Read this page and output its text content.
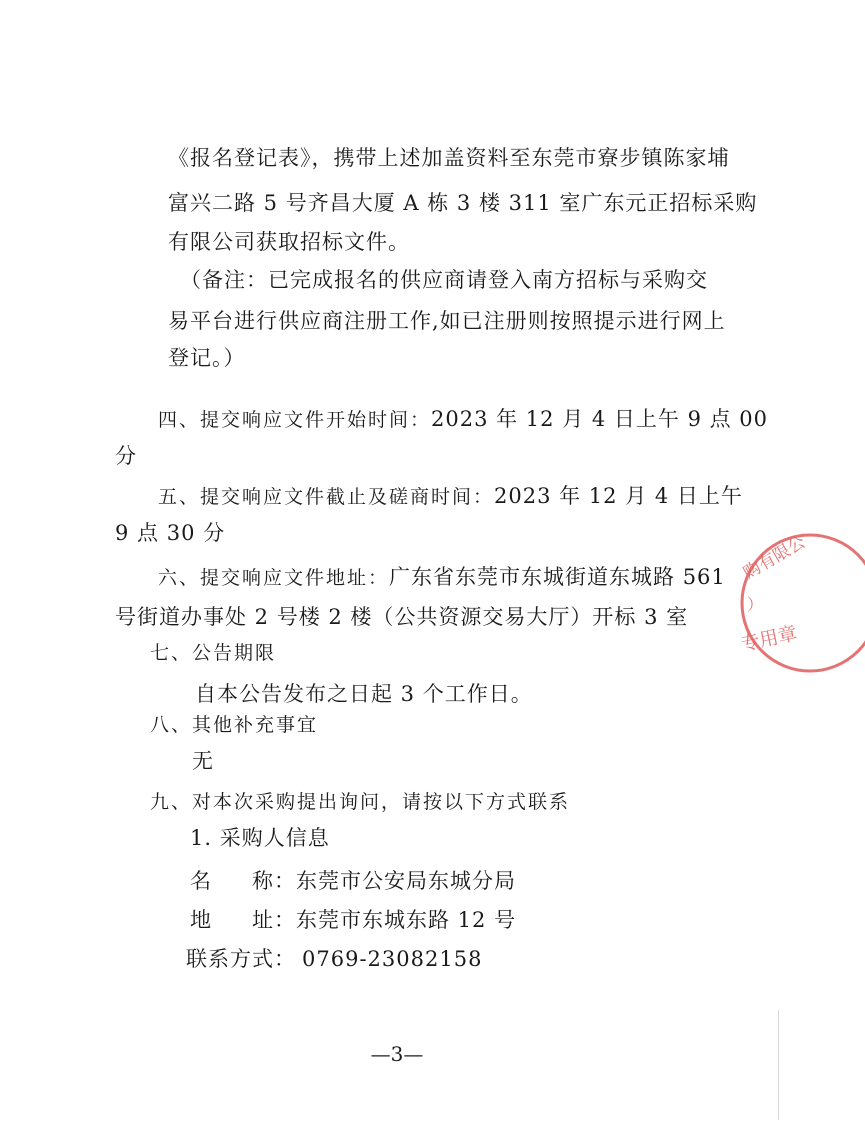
《报名登记表》，携带上述加盖资料至东莞市寮步镇陈家埔
富兴二路 5 号齐昌大厦 A 栋 3 楼 311 室广东元正招标采购
有限公司获取招标文件。
（备注：已完成报名的供应商请登入南方招标与采购交
易平台进行供应商注册工作,如已注册则按照提示进行网上
登记。）
四、提交响应文件开始时间：2023 年 12 月 4 日上午 9 点 00
分
五、提交响应文件截止及磋商时间：2023 年 12 月 4 日上午
9 点 30 分
六、提交响应文件地址：广东省东莞市东城街道东城路 561
号街道办事处 2 号楼 2 楼（公共资源交易大厅）开标 3 室
七、公告期限
自本公告发布之日起 3 个工作日。
八、其他补充事宜
无
九、对本次采购提出询问，请按以下方式联系
1. 采购人信息
名 称： 东莞市公安局东城分局
地 址： 东莞市东城东路 12 号
联系方式： 0769-23082158
购有限公
）
专用章
—3—
